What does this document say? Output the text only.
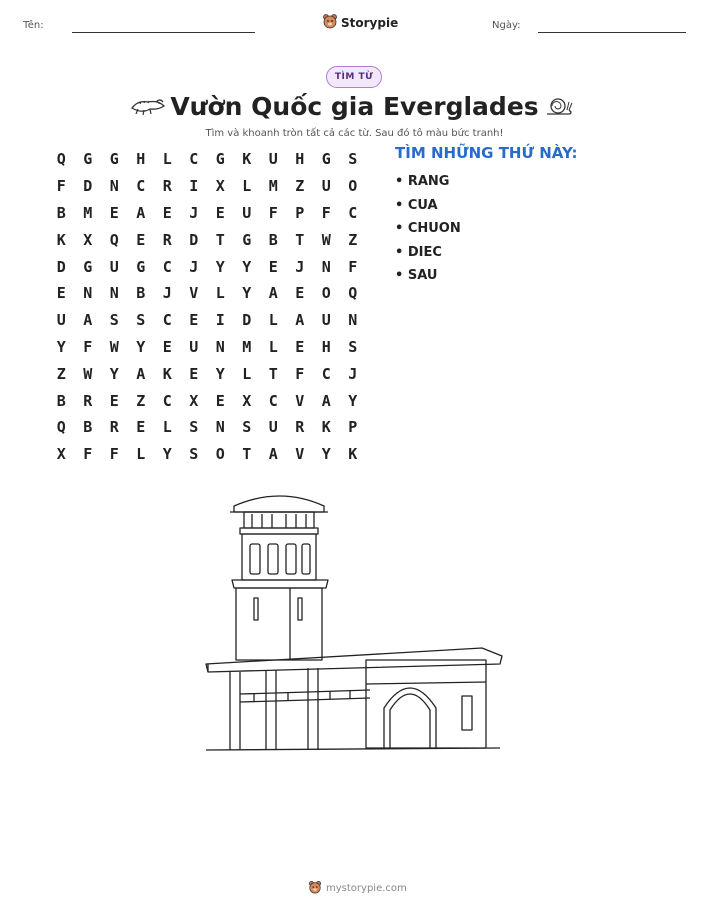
Tên:	Storypie	Ngày:
TÌM TỪ
Vườn Quốc gia Everglades
Tìm và khoanh tròn tất cả các từ. Sau đó tô màu bức tranh!
Q	G	G	H	L	C	G	K	U	H	G	S
F	D	N	C	R	I	X	L	M	Z	U	O
B	M	E	A	E	J	E	U	F	P	F	C
K	X	Q	E	R	D	T	G	B	T	W	Z
D	G	U	G	C	J	Y	Y	E	J	N	F
E	N	N	B	J	V	L	Y	A	E	O	Q
U	A	S	S	C	E	I	D	L	A	U	N
Y	F	W	Y	E	U	N	M	L	E	H	S
Z	W	Y	A	K	E	Y	L	T	F	C	J
B	R	E	Z	C	X	E	X	C	V	A	Y
Q	B	R	E	L	S	N	S	U	R	K	P
X	F	F	L	Y	S	O	T	A	V	Y	K
TÌM NHỮNG THỨ NÀY:
• RANG
• CUA
• CHUON
• DIEC
• SAU
mystorypie.com
